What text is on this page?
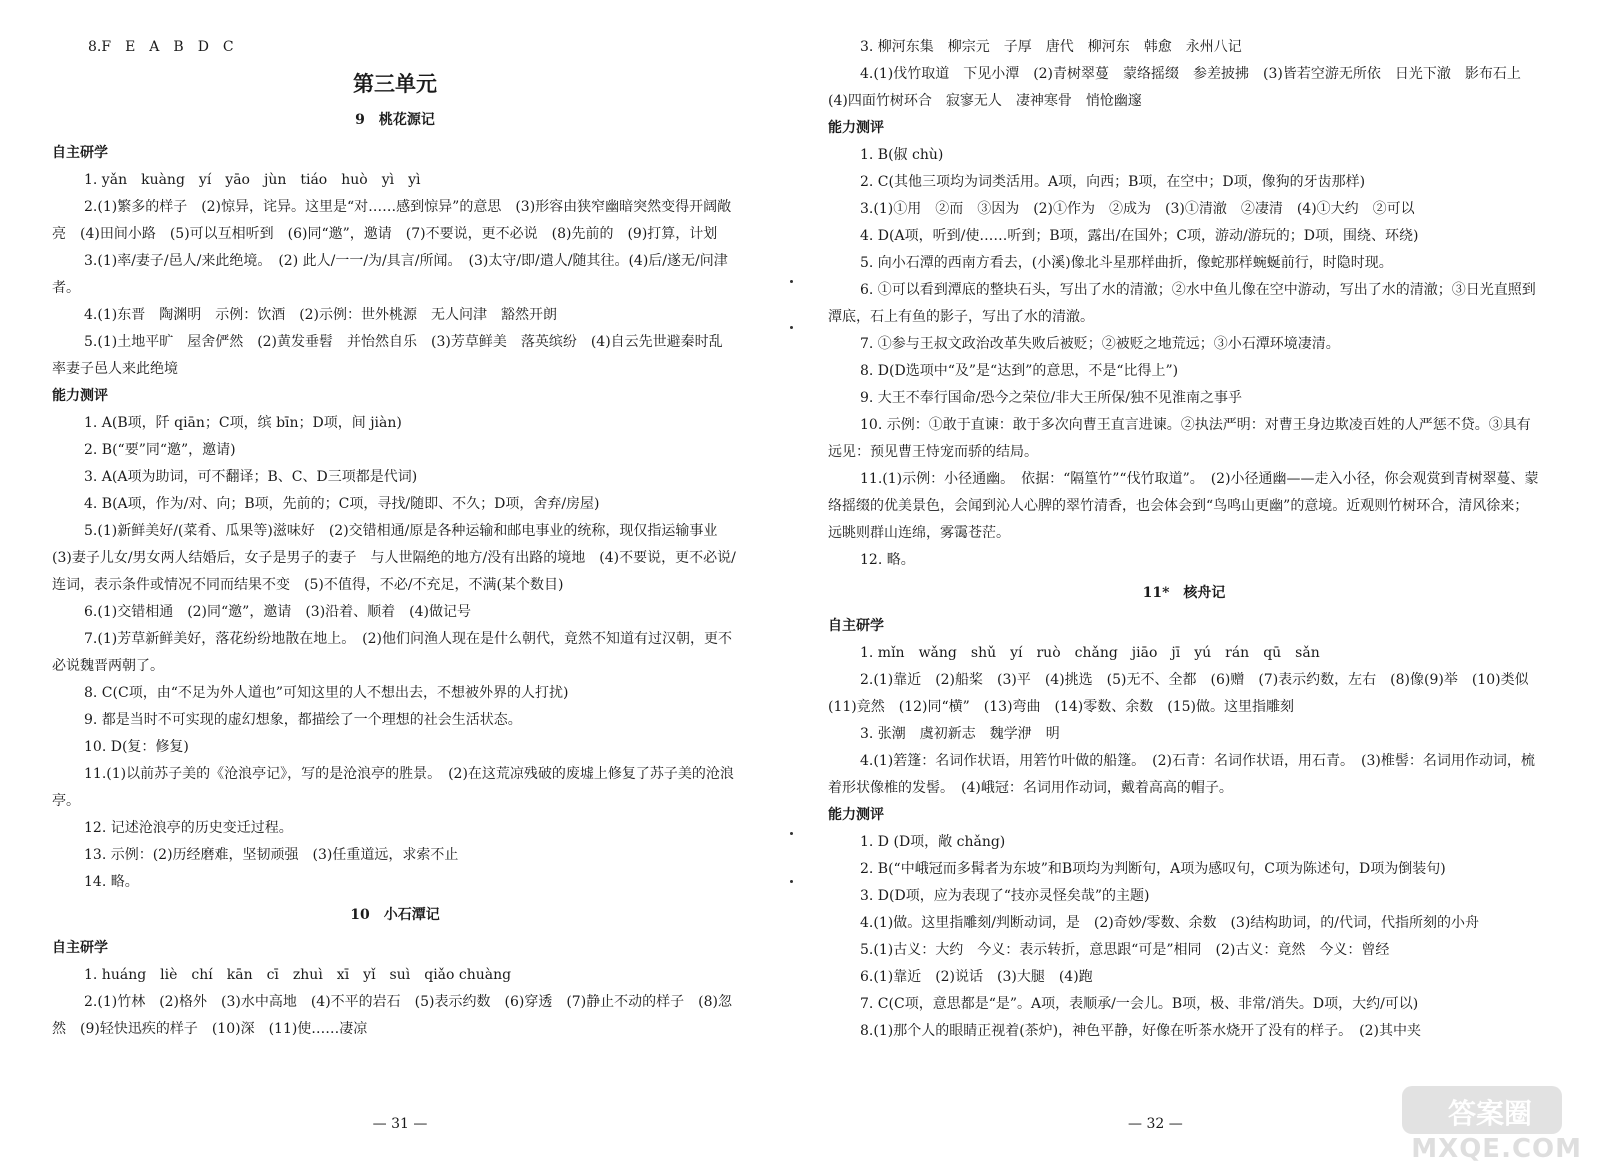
8.F　E　A　B　D　C
第三单元
9　桃花源记
自主研学
1. yǎn　kuàng　yí　yāo　jùn　tiáo　huò　yì　yì
2.(1)繁多的样子　(2)惊异，诧异。这里是“对……感到惊异”的意思　(3)形容由狭窄幽暗突然变得开阔敞亮　(4)田间小路　(5)可以互相听到　(6)同“邀”，邀请　(7)不要说，更不必说　(8)先前的　(9)打算，计划
3.(1)率/妻子/邑人/来此绝境。　(2) 此人/一一/为/具言/所闻。　(3)太守/即/遣人/随其往。(4)后/遂无/问津者。
4.(1)东晋　陶渊明　示例：饮酒　(2)示例：世外桃源　无人问津　豁然开朗
5.(1)土地平旷　屋舍俨然　(2)黄发垂髫　并怡然自乐　(3)芳草鲜美　落英缤纷　(4)自云先世避秦时乱　率妻子邑人来此绝境
能力测评
1. A(B项，阡 qiān；C项，缤 bīn；D项，间 jiàn)
2. B(“要”同“邀”，邀请)
3. A(A项为助词，可不翻译；B、C、D三项都是代词)
4. B(A项，作为/对、向；B项，先前的；C项，寻找/随即、不久；D项，舍弃/房屋)
5.(1)新鲜美好/(菜肴、瓜果等)滋味好　(2)交错相通/原是各种运输和邮电事业的统称，现仅指运输事业　(3)妻子儿女/男女两人结婚后，女子是男子的妻子　与人世隔绝的地方/没有出路的境地　(4)不要说，更不必说/连词，表示条件或情况不同而结果不变　(5)不值得，不必/不充足，不满(某个数目)
6.(1)交错相通　(2)同“邀”，邀请　(3)沿着、顺着　(4)做记号
7.(1)芳草新鲜美好，落花纷纷地散在地上。　(2)他们问渔人现在是什么朝代，竟然不知道有过汉朝，更不必说魏晋两朝了。
8. C(C项，由“不足为外人道也”可知这里的人不想出去，不想被外界的人打扰)
9. 都是当时不可实现的虚幻想象，都描绘了一个理想的社会生活状态。
10. D(复：修复)
11.(1)以前苏子美的《沧浪亭记》，写的是沧浪亭的胜景。　(2)在这荒凉残破的废墟上修复了苏子美的沧浪亭。
12. 记述沧浪亭的历史变迁过程。
13. 示例：(2)历经磨难，坚韧顽强　(3)任重道远，求索不止
14. 略。
10　小石潭记
自主研学
1. huáng　liè　chí　kān　cī　zhuì　xī　yǐ　suì　qiǎo chuàng
2.(1)竹林　(2)格外　(3)水中高地　(4)不平的岩石　(5)表示约数　(6)穿透　(7)静止不动的样子　(8)忽然　(9)轻快迅疾的样子　(10)深　(11)使……凄凉
— 31 —
3. 柳河东集　柳宗元　子厚　唐代　柳河东　韩愈　永州八记
4.(1)伐竹取道　下见小潭　(2)青树翠蔓　蒙络摇缀　参差披拂　(3)皆若空游无所依　日光下澈　影布石上　(4)四面竹树环合　寂寥无人　凄神寒骨　悄怆幽邃
能力测评
1. B(俶 chù)
2. C(其他三项均为词类活用。A项，向西；B项，在空中；D项，像狗的牙齿那样)
3.(1)①用　②而　③因为　(2)①作为　②成为　(3)①清澈　②凄清　(4)①大约　②可以
4. D(A项，听到/使……听到；B项，露出/在国外；C项，游动/游玩的；D项，围绕、环绕)
5. 向小石潭的西南方看去，(小溪)像北斗星那样曲折，像蛇那样蜿蜒前行，时隐时现。
6. ①可以看到潭底的整块石头，写出了水的清澈；②水中鱼儿像在空中游动，写出了水的清澈；③日光直照到潭底，石上有鱼的影子，写出了水的清澈。
7. ①参与王叔文政治改革失败后被贬；②被贬之地荒远；③小石潭环境凄清。
8. D(D选项中“及”是“达到”的意思，不是“比得上”)
9. 大王不奉行国命/恐今之荣位/非大王所保/独不见淮南之事乎
10. 示例：①敢于直谏：敢于多次向曹王直言进谏。②执法严明：对曹王身边欺凌百姓的人严惩不贷。③具有远见：预见曹王恃宠而骄的结局。
11.(1)示例：小径通幽。　依据：“隔篁竹”“伐竹取道”。　(2)小径通幽——走入小径，你会观赏到青树翠蔓、蒙络摇缀的优美景色，会闻到沁人心脾的翠竹清香，也会体会到“鸟鸣山更幽”的意境。近观则竹树环合，清风徐来；远眺则群山连绵，雾霭苍茫。
12. 略。
11*　核舟记
自主研学
1. mǐn　wǎng　shǔ　yí　ruò　chǎng　jiāo　jī　yú　rán　qū　sǎn
2.(1)靠近　(2)船桨　(3)平　(4)挑选　(5)无不、全都　(6)赠　(7)表示约数，左右　(8)像(9)举　(10)类似　(11)竞然　(12)同“横”　(13)弯曲　(14)零数、余数　(15)做。这里指雕刻
3. 张潮　虞初新志　魏学洢　明
4.(1)箬篷：名词作状语，用箬竹叶做的船篷。　(2)石青：名词作状语，用石青。　(3)椎髻：名词用作动词，梳着形状像椎的发髻。　(4)峨冠：名词用作动词，戴着高高的帽子。
能力测评
1. D (D项，敞 chǎng)
2. B(“中峨冠而多髯者为东坡”和B项均为判断句，A项为感叹句，C项为陈述句，D项为倒装句)
3. D(D项，应为表现了“技亦灵怪矣哉”的主题)
4.(1)做。这里指雕刻/判断动词，是　(2)奇妙/零数、余数　(3)结构助词，的/代词，代指所刻的小舟
5.(1)古义：大约　今义：表示转折，意思跟“可是”相同　(2)古义：竟然　今义：曾经
6.(1)靠近　(2)说话　(3)大腿　(4)跑
7. C(C项，意思都是“是”。A项，表顺承/一会儿。B项，极、非常/消失。D项，大约/可以)
8.(1)那个人的眼睛正视着(茶炉)，神色平静，好像在听茶水烧开了没有的样子。　(2)其中夹
— 32 —	答案圈
MXQE.COM
